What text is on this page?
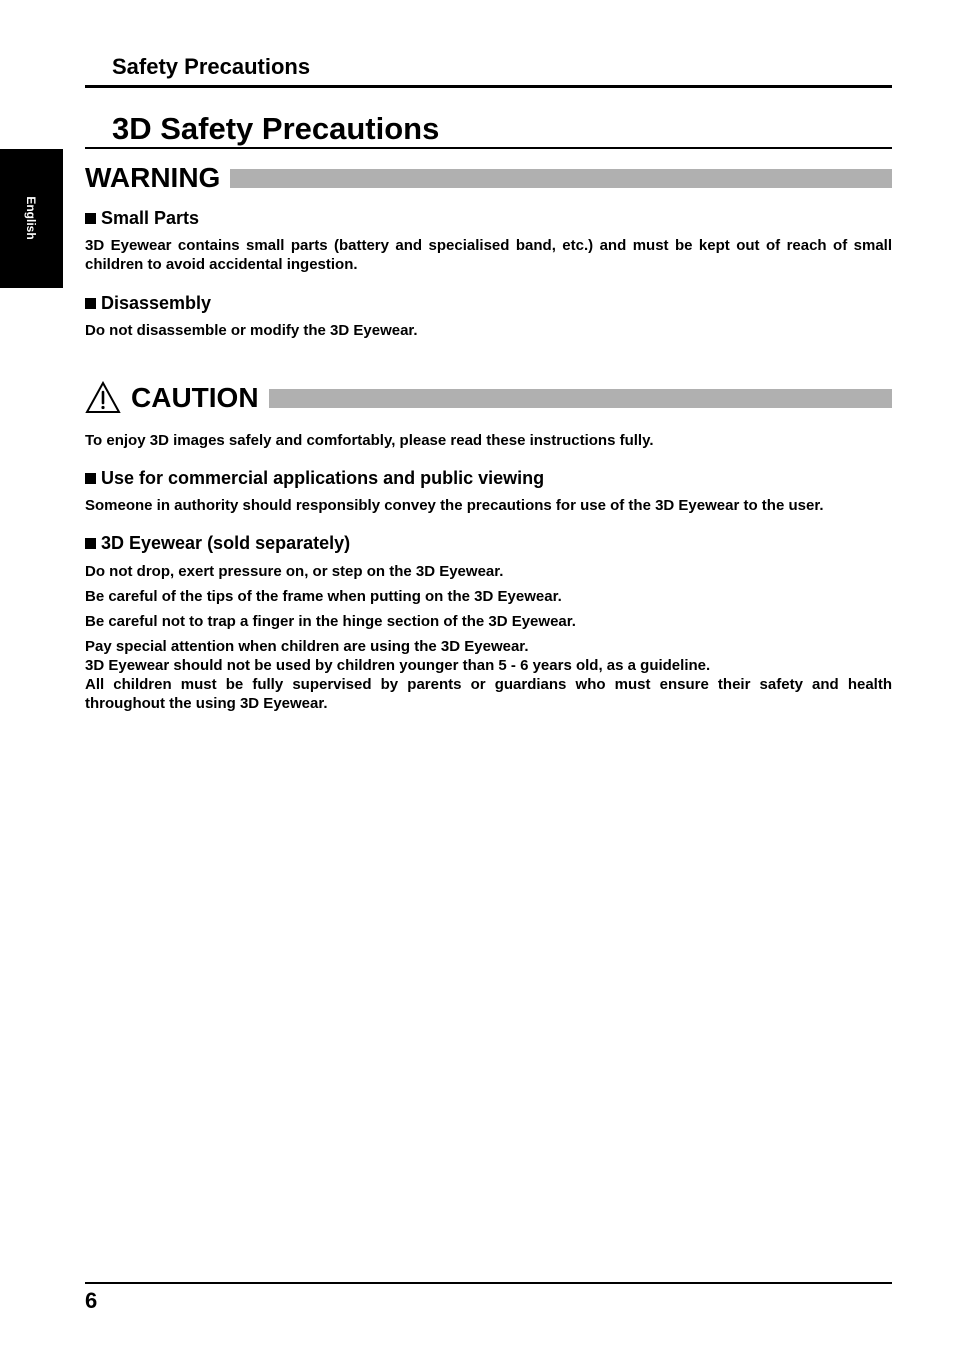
Safety Precautions
English
3D Safety Precautions
WARNING
Small Parts
3D Eyewear contains small parts (battery and specialised band, etc.) and must be kept out of reach of small children to avoid accidental ingestion.
Disassembly
Do not disassemble or modify the 3D Eyewear.
CAUTION
To enjoy 3D images safely and comfortably, please read these instructions fully.
Use for commercial applications and public viewing
Someone in authority should responsibly convey the precautions for use of the 3D Eyewear to the user.
3D Eyewear (sold separately)
Do not drop, exert pressure on, or step on the 3D Eyewear.
Be careful of the tips of the frame when putting on the 3D Eyewear.
Be careful not to trap a finger in the hinge section of the 3D Eyewear.
Pay special attention when children are using the 3D Eyewear.
3D Eyewear should not be used by children younger than 5 - 6 years old, as a guideline.
All children must be fully supervised by parents or guardians who must ensure their safety and health throughout the using 3D Eyewear.
6
